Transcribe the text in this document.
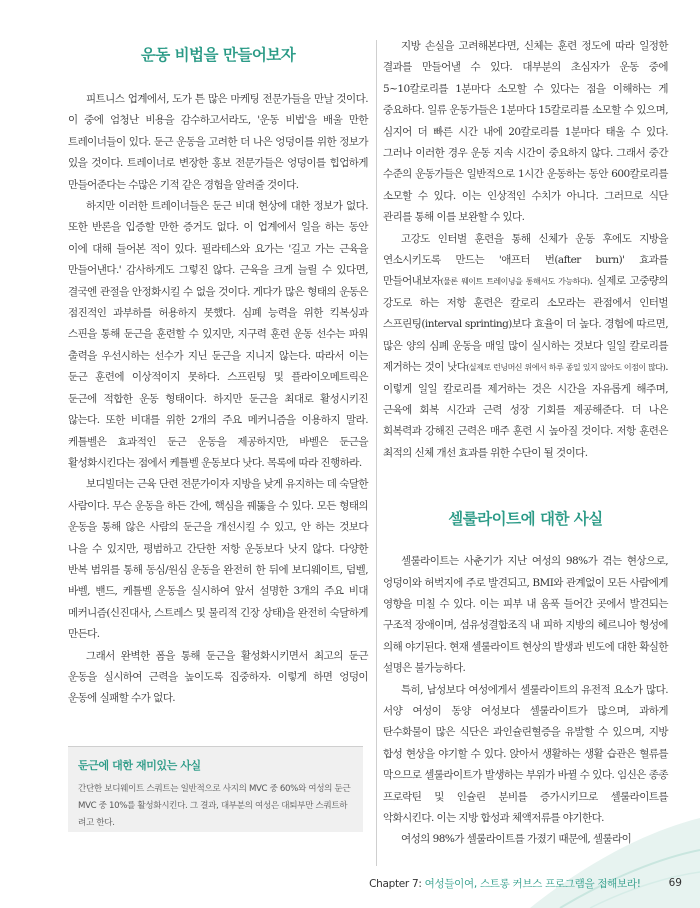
운동 비법을 만들어보자

피트니스 업계에서, 도가 튼 많은 마케팅 전문가들을 만날 것이다. 이 중에 엄청난 비용을 감수하고서라도, '운동 비법'을 배울 만한 트레이너들이 있다. 둔근 운동을 고려한 더 나은 엉덩이를 위한 정보가 있을 것이다. 트레이너로 변장한 홍보 전문가들은 엉덩이를 힙업하게 만들어준다는 수많은 기적 같은 경험을 알려줄 것이다.

하지만 이러한 트레이너들은 둔근 비대 현상에 대한 정보가 없다. 또한 반론을 입증할 만한 증거도 없다. 이 업계에서 일을 하는 동안 이에 대해 들어본 적이 있다. 필라테스와 요가는 '길고 가는 근육을 만들어낸다.' 감사하게도 그렇진 않다. 근육을 크게 늘릴 수 있다면, 결국엔 관절을 안정화시킬 수 없을 것이다. 게다가 많은 형태의 운동은 점진적인 과부하를 허용하지 못했다. 심폐 능력을 위한 킥복싱과 스핀을 통해 둔근을 훈련할 수 있지만, 지구력 훈련 운동 선수는 파워 출력을 우선시하는 선수가 지닌 둔근을 지니지 않는다. 따라서 이는 둔근 훈련에 이상적이지 못하다. 스프린팅 및 플라이오메트릭은 둔근에 적합한 운동 형태이다. 하지만 둔근을 최대로 활성시키진 않는다. 또한 비대를 위한 2개의 주요 메커니즘을 이용하지 말라. 케틀벨은 효과적인 둔근 운동을 제공하지만, 바벨은 둔근을 활성화시킨다는 점에서 케틀벨 운동보다 낫다. 목록에 따라 진행하라.

보디빌더는 근육 단련 전문가이자 지방을 낮게 유지하는 데 숙달한 사람이다. 무슨 운동을 하든 간에, 핵심을 꿰뚫을 수 있다. 모든 형태의 운동을 통해 않은 사람의 둔근을 개선시킬 수 있고, 안 하는 것보다 나을 수 있지만, 평범하고 간단한 저항 운동보다 낫지 않다. 다양한 반복 범위를 통해 동심/원심 운동을 완전히 한 뒤에 보디웨이트, 덤벨, 바벨, 밴드, 케틀벨 운동을 실시하여 앞서 설명한 3개의 주요 비대 메커니즘(신진대사, 스트레스 및 물리적 긴장 상태)을 완전히 숙달하게 만든다.

그래서 완벽한 폼을 통해 둔근을 활성화시키면서 최고의 둔근 운동을 실시하여 근력을 높이도록 집중하자. 이렇게 하면 엉덩이 운동에 실패할 수가 없다.

둔근에 대한 재미있는 사실
간단한 보디웨이트 스쿼트는 일반적으로 사지의 MVC 중 60%와 여성의 둔근 MVC 중 10%를 활성화시킨다. 그 결과, 대부분의 여성은 대퇴부만 스쿼트하려고 한다.

지방 손실을 고려해본다면, 신체는 훈련 정도에 따라 일정한 결과를 만들어낼 수 있다. 대부분의 초심자가 운동 중에 5~10칼로리를 1분마다 소모할 수 있다는 점을 이해하는 게 중요하다. 일류 운동가들은 1분마다 15칼로리를 소모할 수 있으며, 심지어 더 빠른 시간 내에 20칼로리를 1분마다 태울 수 있다. 그러나 이러한 경우 운동 지속 시간이 중요하지 않다. 그래서 중간 수준의 운동가들은 일반적으로 1시간 운동하는 동안 600칼로리를 소모할 수 있다. 이는 인상적인 수치가 아니다. 그러므로 식단 관리를 통해 이를 보완할 수 있다.

고강도 인터벌 훈련을 통해 신체가 운동 후에도 지방을 연소시키도록 만드는 '애프터 번(after burn)' 효과를 만들어내보자(물론 웨이트 트레이닝을 통해서도 가능하다). 실제로 고중량의 강도로 하는 저항 훈련은 칼로리 소모라는 관점에서 인터벌 스프린팅(interval sprinting)보다 효율이 더 높다. 경험에 따르면, 많은 양의 심폐 운동을 매일 많이 실시하는 것보다 일일 칼로리를 제거하는 것이 낫다(실제로 런닝머신 위에서 하루 종일 있지 않아도 이점이 많다). 이렇게 일일 칼로리를 제거하는 것은 시간을 자유롭게 해주며, 근육에 회복 시간과 근력 성장 기회를 제공해준다. 더 나은 회복력과 강해진 근력은 매주 훈련 시 높아질 것이다. 저항 훈련은 최적의 신체 개선 효과를 위한 수단이 될 것이다.

셀룰라이트에 대한 사실

셀룰라이트는 사춘기가 지난 여성의 98%가 겪는 현상으로, 엉덩이와 허벅지에 주로 발견되고, BMI와 관계없이 모든 사람에게 영향을 미칠 수 있다. 이는 피부 내 움푹 들어간 곳에서 발견되는 구조적 장애이며, 섬유성결합조직 내 피하 지방의 헤르니아 형성에 의해 야기된다. 현재 셀룰라이트 현상의 발생과 빈도에 대한 확실한 설명은 불가능하다.

특히, 남성보다 여성에게서 셀룰라이트의 유전적 요소가 많다. 서양 여성이 동양 여성보다 셀룰라이트가 많으며, 과하게 탄수화물이 많은 식단은 과인슐린혈증을 유발할 수 있으며, 지방 합성 현상을 야기할 수 있다. 앉아서 생활하는 생활 습관은 혈류를 막으므로 셀룰라이트가 발생하는 부위가 바뀔 수 있다. 임신은 종종 프로락틴 및 인슐린 분비를 증가시키므로 셀룰라이트를 악화시킨다. 이는 지방 합성과 체액저류를 야기한다.

여성의 98%가 셀룰라이트를 가졌기 때문에, 셀룰라이

Chapter 7: 여성들이여, 스트롱 커브스 프로그램을 접해보라!	69
